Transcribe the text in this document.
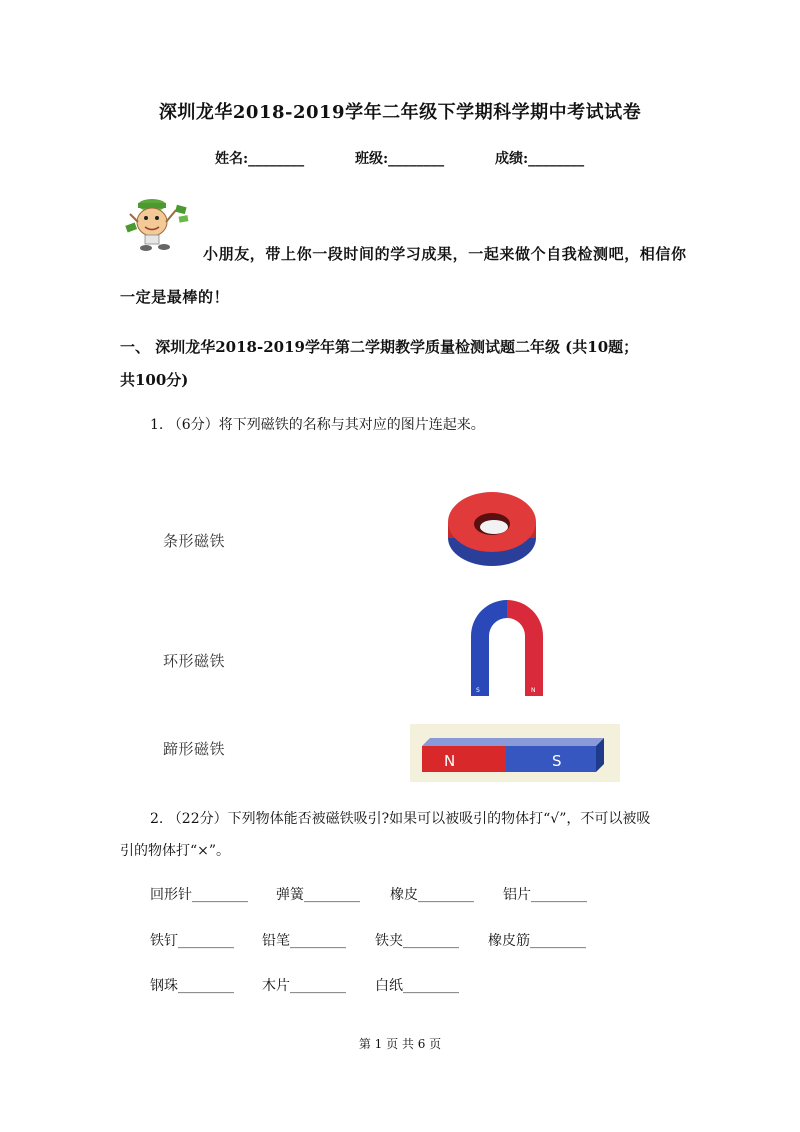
深圳龙华2018-2019学年二年级下学期科学期中考试试卷
姓名:________	班级:________	成绩:________
小朋友，带上你一段时间的学习成果，一起来做个自我检测吧，相信你
一定是最棒的！
一、 深圳龙华2018-2019学年第二学期教学质量检测试题二年级 (共10题；
共100分)
1. （6分）将下列磁铁的名称与其对应的图片连起来。
条形磁铁
环形磁铁
蹄形磁铁
S	N
N	S
2. （22分）下列物体能否被磁铁吸引?如果可以被吸引的物体打“√”，不可以被吸
引的物体打“×”。
回形针________ 弹簧________ 橡皮________ 铝片________
铁钉________ 铅笔________ 铁夹________ 橡皮筋________
钢珠________ 木片________ 白纸________
第 1 页 共 6 页
